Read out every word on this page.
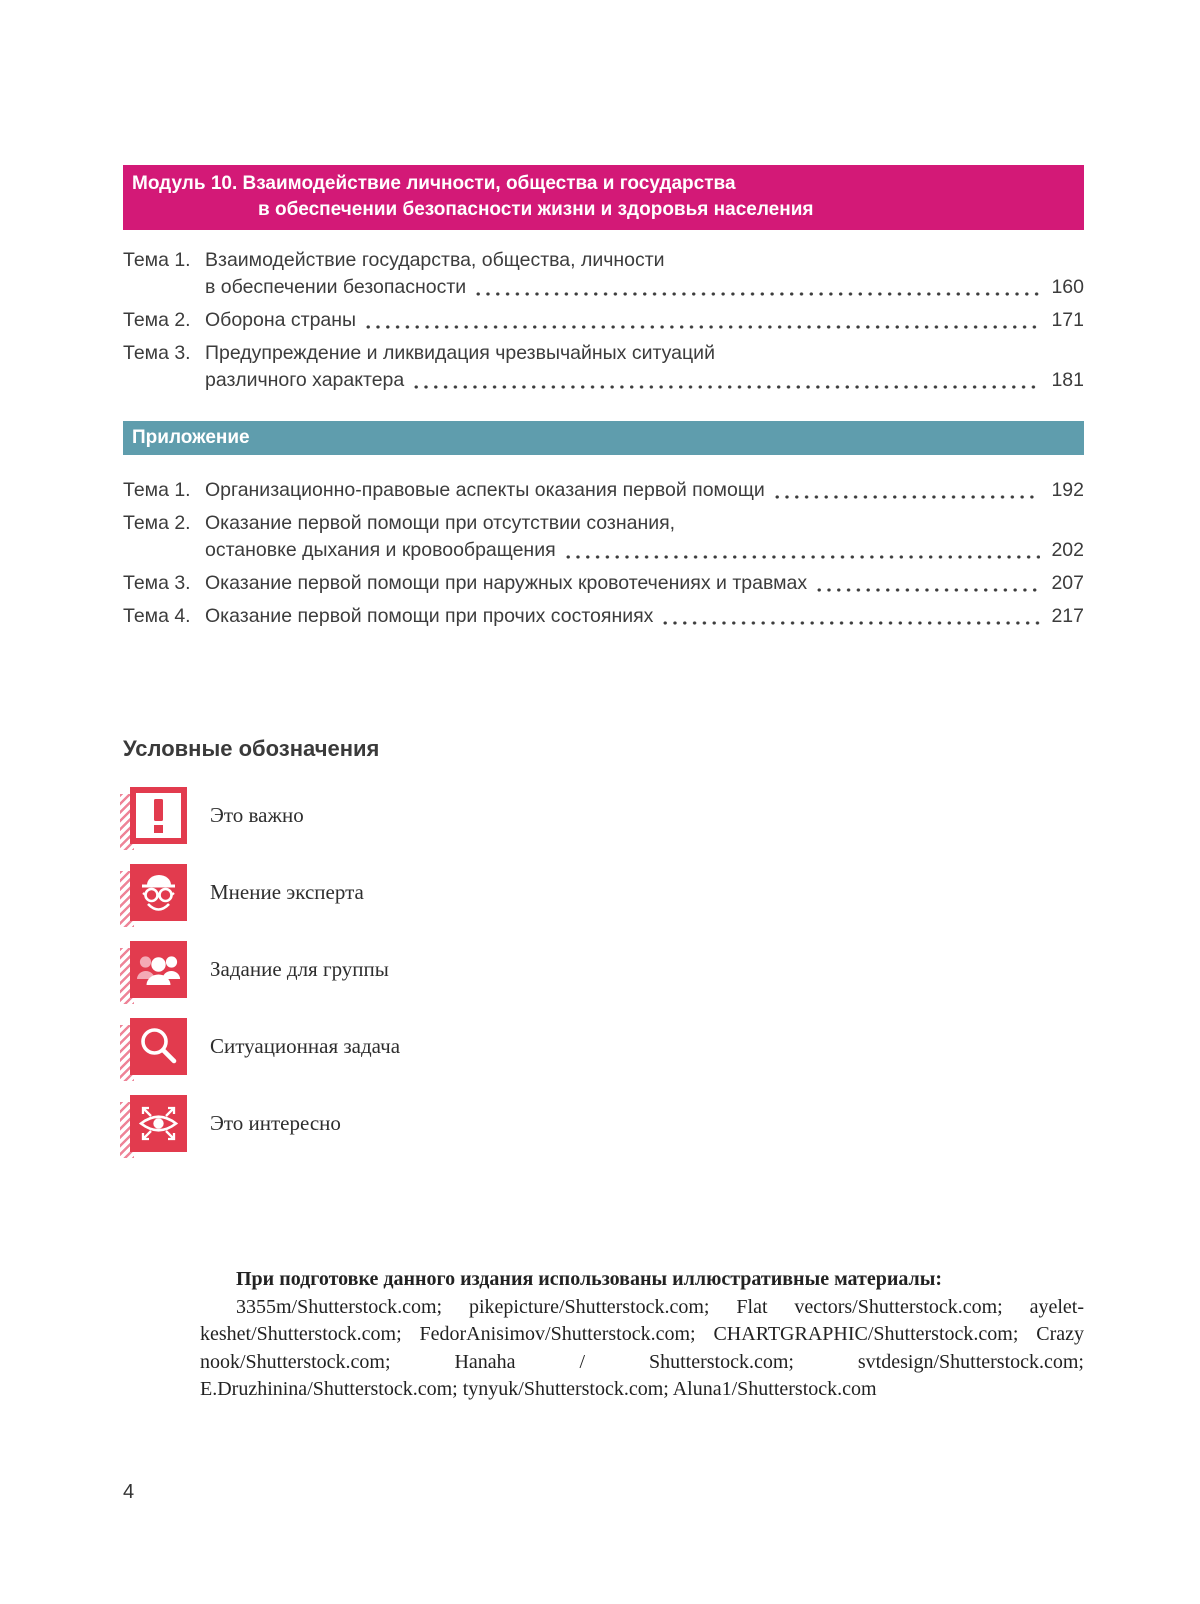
Модуль 10. Взаимодействие личности, общества и государства
в обеспечении безопасности жизни и здоровья населения
Тема 1. Взаимодействие государства, общества, личности
в обеспечении безопасности	160
Тема 2. Оборона страны	171
Тема 3. Предупреждение и ликвидация чрезвычайных ситуаций
различного характера	181
Приложение
Тема 1. Организационно-правовые аспекты оказания первой помощи	192
Тема 2. Оказание первой помощи при отсутствии сознания,
остановке дыхания и кровообращения	202
Тема 3. Оказание первой помощи при наружных кровотечениях и травмах	207
Тема 4. Оказание первой помощи при прочих состояниях	217
Условные обозначения
Это важно
Мнение эксперта
Задание для группы
Ситуационная задача
Это интересно

При подготовке данного издания использованы иллюстративные материалы:

3355m/Shutterstock.com; pikepicture/Shutterstock.com; Flat vectors/Shutterstock.com; ayelet-keshet/Shutterstock.com; FedorAnisimov/Shutterstock.com; CHARTGRAPHIC/Shutterstock.com; Crazy nook/Shutterstock.com; Hanaha / Shutterstock.com; svtdesign/Shutterstock.com; E.Druzhinina/Shutterstock.com; tynyuk/Shutterstock.com; Aluna1/Shutterstock.com

4
